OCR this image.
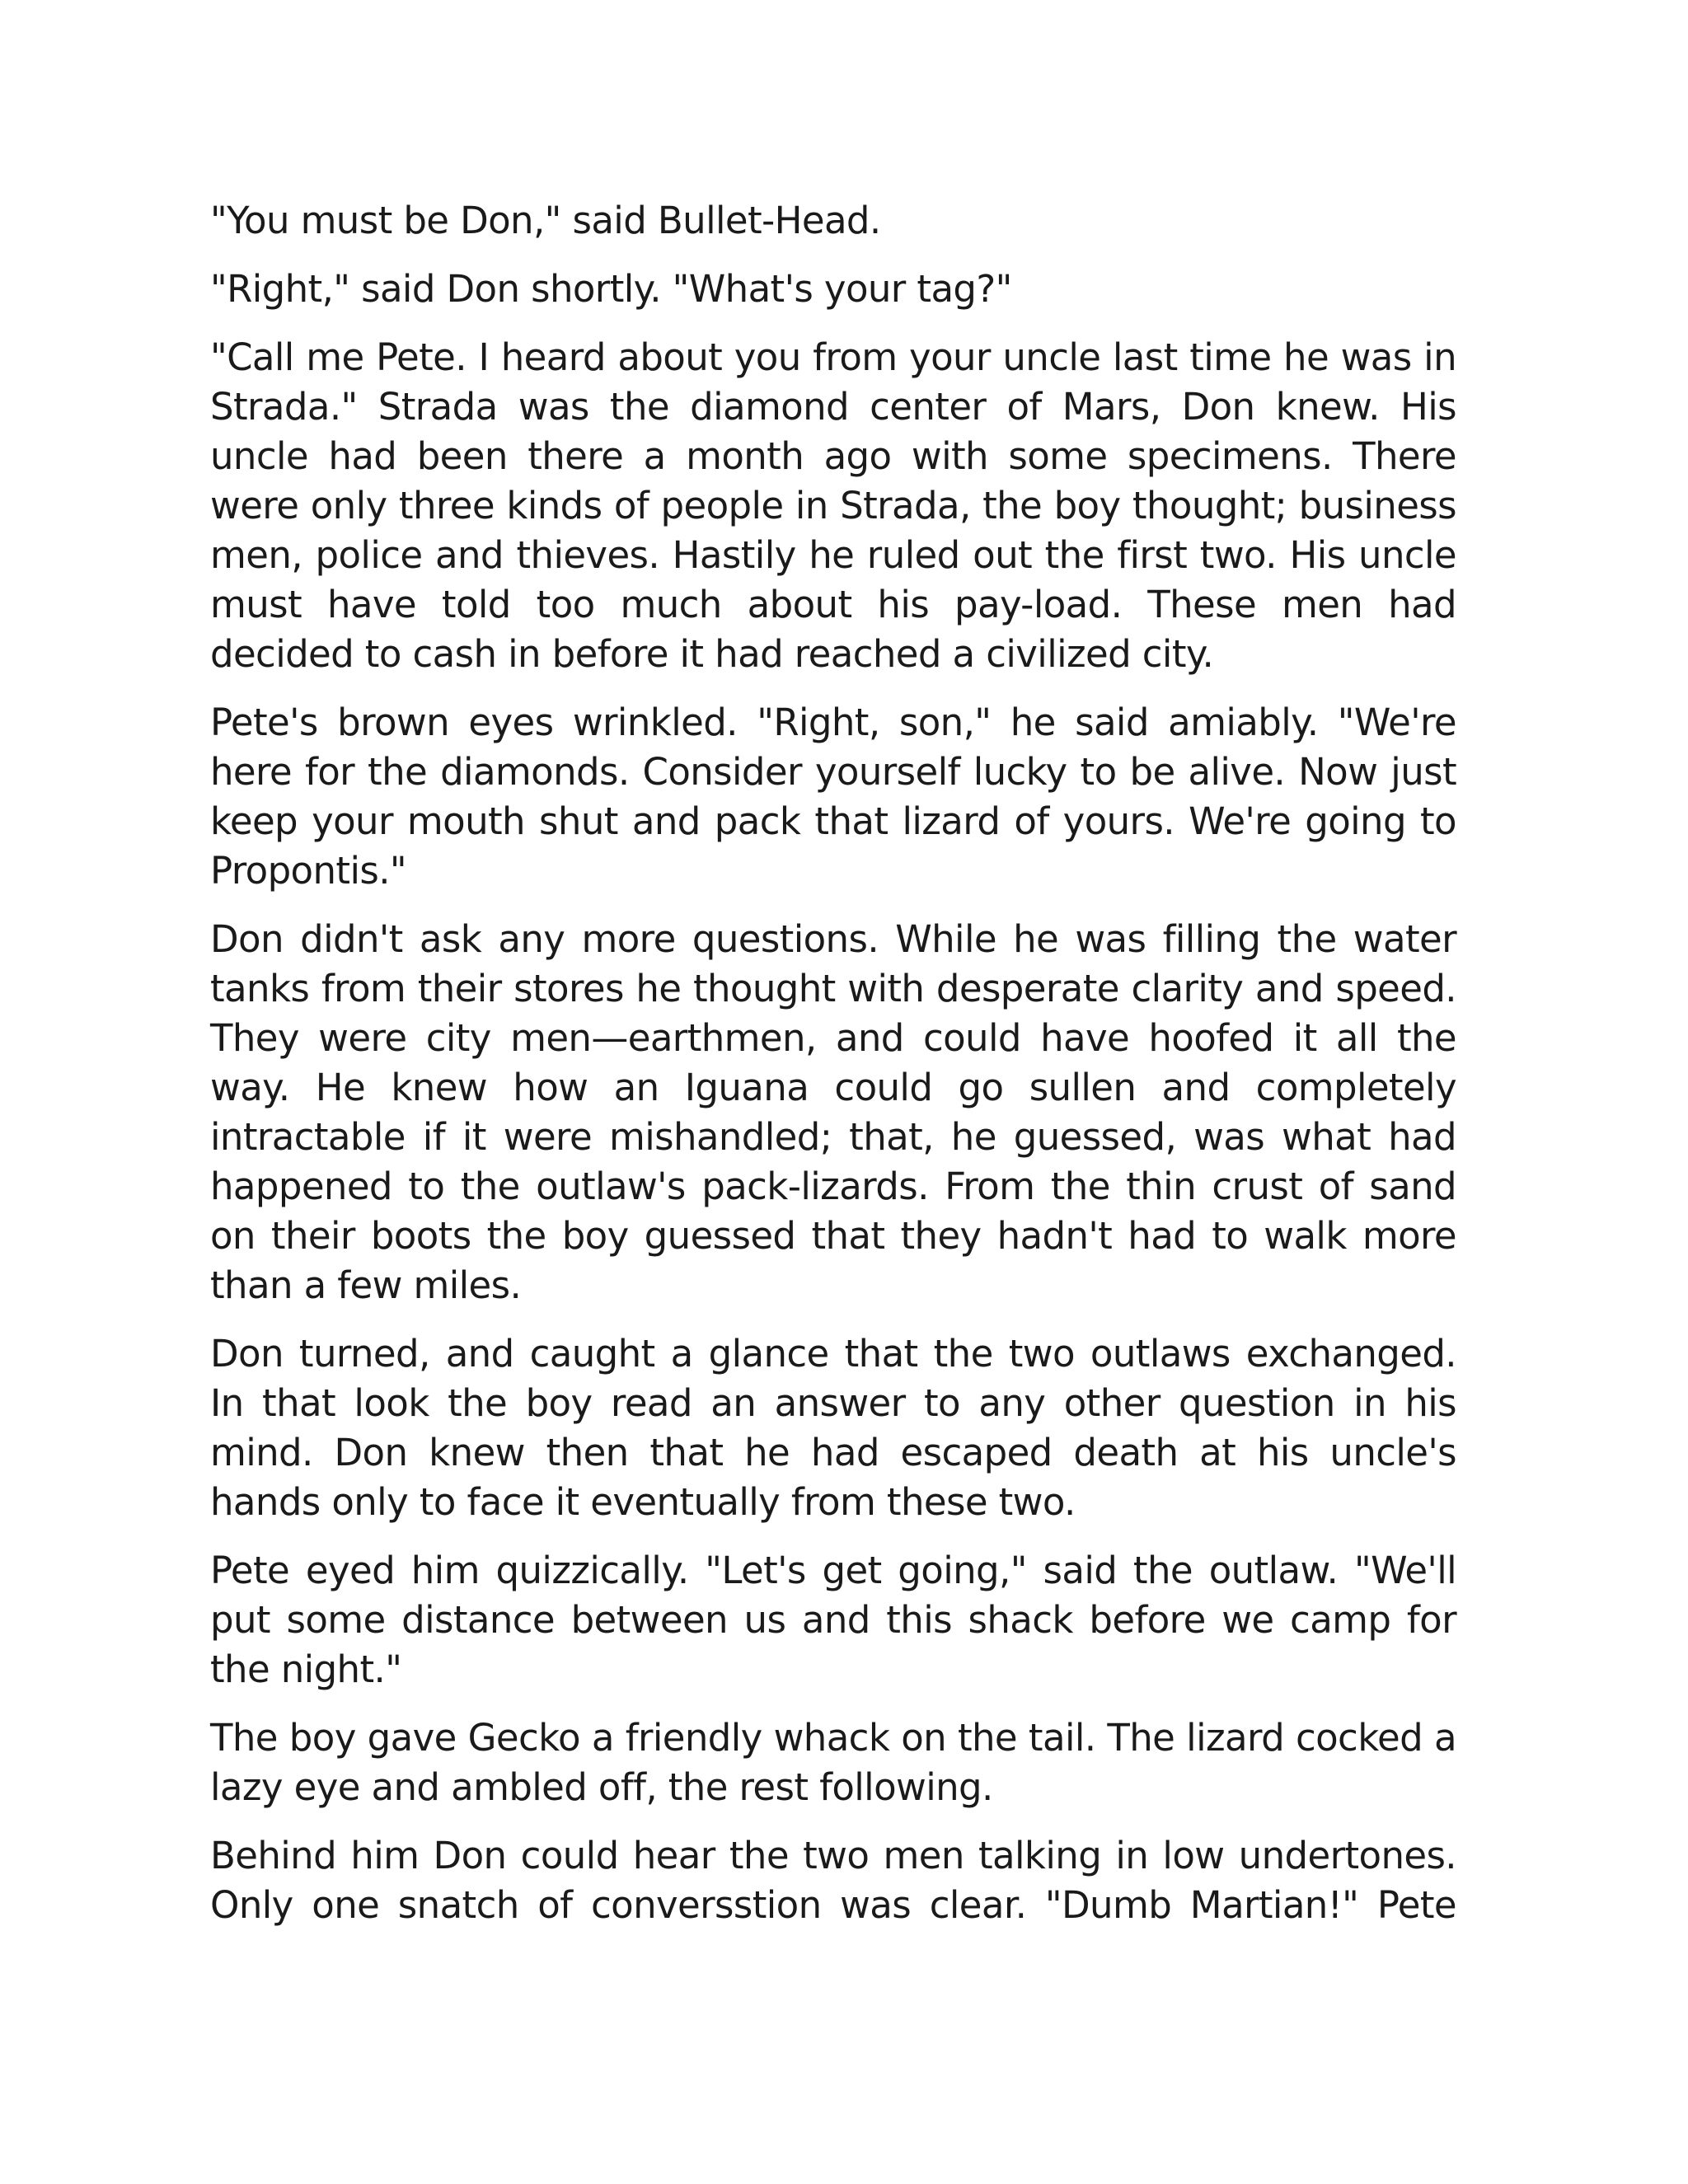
"You must be Don," said Bullet-Head.

"Right," said Don shortly. "What's your tag?"

"Call me Pete. I heard about you from your uncle last time he was in Strada." Strada was the diamond center of Mars, Don knew. His uncle had been there a month ago with some specimens. There were only three kinds of people in Strada, the boy thought; business men, police and thieves. Hastily he ruled out the first two. His uncle must have told too much about his pay-load. These men had decided to cash in before it had reached a civilized city.

Pete's brown eyes wrinkled. "Right, son," he said amiably. "We're here for the diamonds. Consider yourself lucky to be alive. Now just keep your mouth shut and pack that lizard of yours. We're going to Propontis."

Don didn't ask any more questions. While he was filling the water tanks from their stores he thought with desperate clarity and speed. They were city men—earthmen, and could have hoofed it all the way. He knew how an Iguana could go sullen and completely intractable if it were mishandled; that, he guessed, was what had happened to the outlaw's pack-lizards. From the thin crust of sand on their boots the boy guessed that they hadn't had to walk more than a few miles.

Don turned, and caught a glance that the two outlaws exchanged. In that look the boy read an answer to any other question in his mind. Don knew then that he had escaped death at his uncle's hands only to face it eventually from these two.

Pete eyed him quizzically. "Let's get going," said the outlaw. "We'll put some distance between us and this shack before we camp for the night."

The boy gave Gecko a friendly whack on the tail. The lizard cocked a lazy eye and ambled off, the rest following.

Behind him Don could hear the two men talking in low undertones. Only one snatch of conversstion was clear. "Dumb Martian!" Pete
